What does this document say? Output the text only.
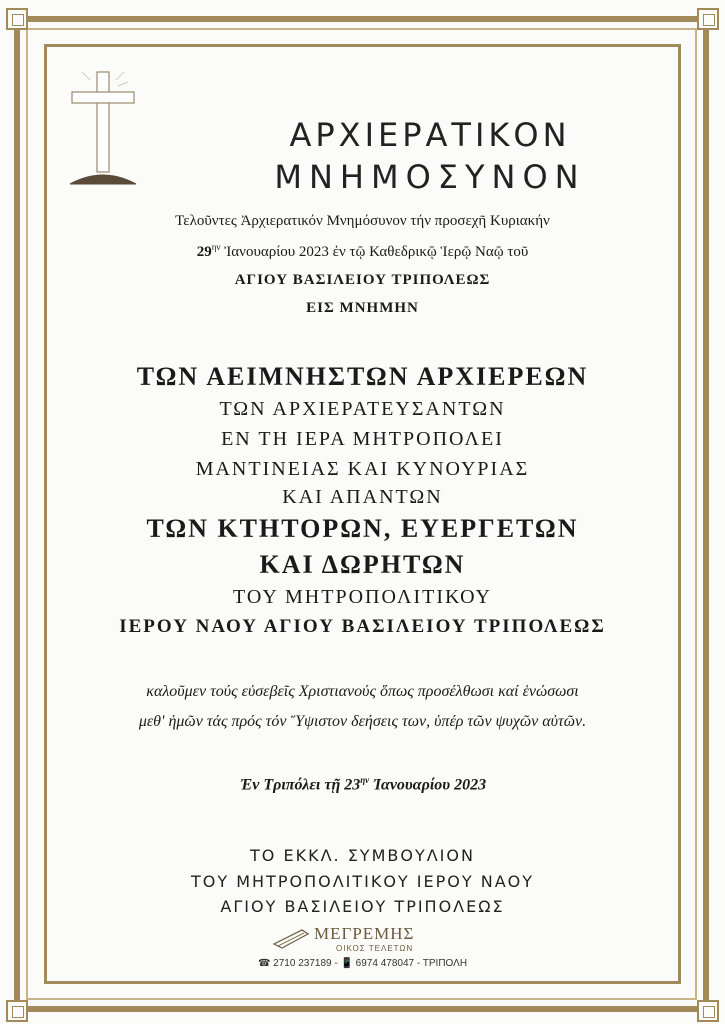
ΑΡΧΙΕΡΑΤΙΚΟΝ
ΜΝΗΜΟΣΥΝΟΝ
Τελοῦντες Ἀρχιερατικόν Μνημόσυνον τήν προσεχῆ Κυριακήν
$29^{\eta\nu}$ Ἰανουαρίου 2023 ἐν τῷ Καθεδρικῷ Ἱερῷ Ναῷ τοῦ
ΑΓΙΟΥ ΒΑΣΙΛΕΙΟΥ ΤΡΙΠΟΛΕΩΣ
ΕΙΣ ΜΝΗΜΗΝ
ΤΩΝ ΑΕΙΜΝΗΣΤΩΝ ΑΡΧΙΕΡΕΩΝ
ΤΩΝ ΑΡΧΙΕΡΑΤΕΥΣΑΝΤΩΝ
ΕΝ ΤΗ ΙΕΡΑ ΜΗΤΡΟΠΟΛΕΙ
ΜΑΝΤΙΝΕΙΑΣ ΚΑΙ ΚΥΝΟΥΡΙΑΣ
ΚΑΙ ΑΠΑΝΤΩΝ
ΤΩΝ ΚΤΗΤΟΡΩΝ, ΕΥΕΡΓΕΤΩΝ
ΚΑΙ ΔΩΡΗΤΩΝ
ΤΟΥ ΜΗΤΡΟΠΟΛΙΤΙΚΟΥ
ΙΕΡΟΥ ΝΑΟΥ ΑΓΙΟΥ ΒΑΣΙΛΕΙΟΥ ΤΡΙΠΟΛΕΩΣ
καλοῦμεν τούς εὐσεβεῖς Χριστιανούς ὅπως προσέλθωσι καί ἑνώσωσι
μεθ' ἡμῶν τάς πρός τόν Ὕψιστον δεήσεις των, ὑπέρ τῶν ψυχῶν αὐτῶν.
Ἐν Τριπόλει τῇ $23^{\eta\nu}$ Ἰανουαρίου 2023
ΤΟ ΕΚΚΛ. ΣΥΜΒΟΥΛΙΟΝ
ΤΟΥ ΜΗΤΡΟΠΟΛΙΤΙΚΟΥ ΙΕΡΟΥ ΝΑΟΥ
ΑΓΙΟΥ ΒΑΣΙΛΕΙΟΥ ΤΡΙΠΟΛΕΩΣ
ΜΕΓΡΕΜΗΣ
ΟΙΚΟΣ ΤΕΛΕΤΩΝ
☎ 2710 237189 - 📱 6974 478047 - ΤΡΙΠΟΛΗ
